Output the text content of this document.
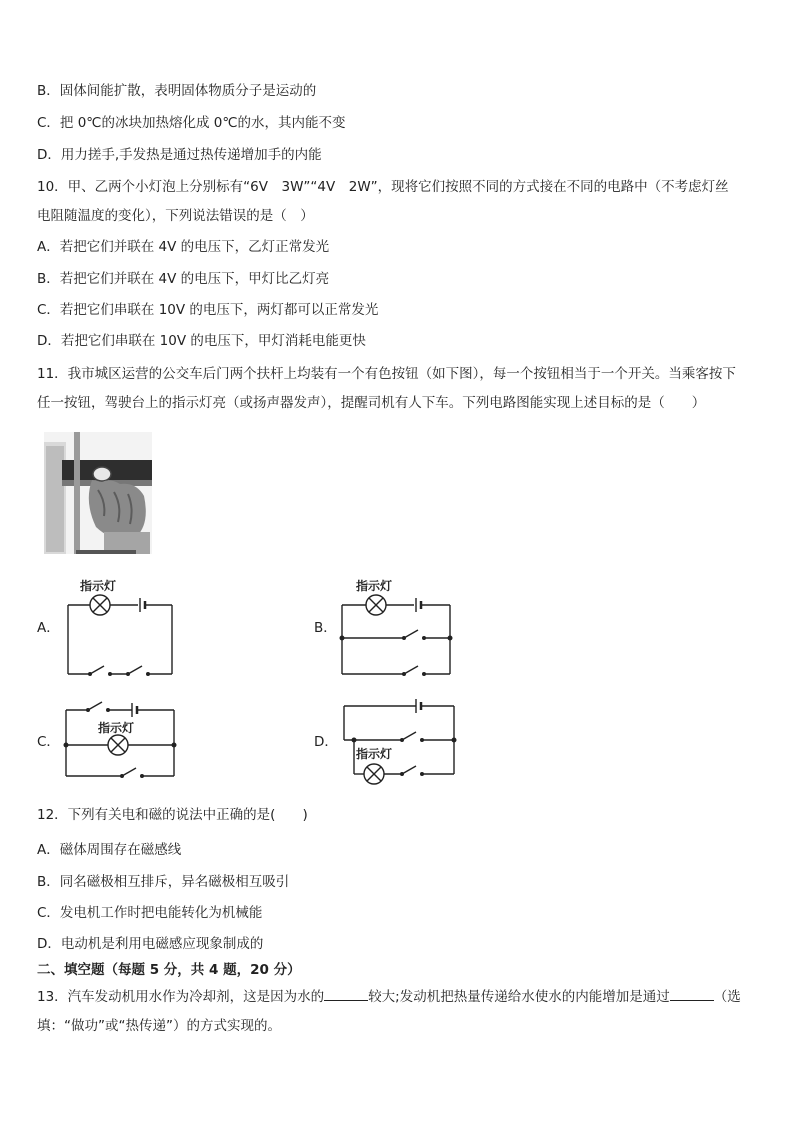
B．固体间能扩散，表明固体物质分子是运动的
C．把 0℃的冰块加热熔化成 0℃的水，其内能不变
D．用力搓手,手发热是通过热传递增加手的内能
10．甲、乙两个小灯泡上分别标有“6V　3W”“4V　2W”，现将它们按照不同的方式接在不同的电路中（不考虑灯丝
电阻随温度的变化），下列说法错误的是（　）
A．若把它们并联在 4V 的电压下，乙灯正常发光
B．若把它们并联在 4V 的电压下，甲灯比乙灯亮
C．若把它们串联在 10V 的电压下，两灯都可以正常发光
D．若把它们串联在 10V 的电压下，甲灯消耗电能更快
11．我市城区运营的公交车后门两个扶杆上均装有一个有色按钮（如下图），每一个按钮相当于一个开关。当乘客按下
任一按钮，驾驶台上的指示灯亮（或扬声器发声），提醒司机有人下车。下列电路图能实现上述目标的是（　　）
A．
指示灯
B．
指示灯
C．
指示灯
D．
指示灯
12．下列有关电和磁的说法中正确的是(　　)
A．磁体周围存在磁感线
B．同名磁极相互排斥，异名磁极相互吸引
C．发电机工作时把电能转化为机械能
D．电动机是利用电磁感应现象制成的
二、填空题（每题 5 分，共 4 题，20 分）
13．汽车发动机用水作为冷却剂，这是因为水的	较大;发动机把热量传递给水使水的内能增加是通过	（选
填：“做功”或“热传递”）的方式实现的。
